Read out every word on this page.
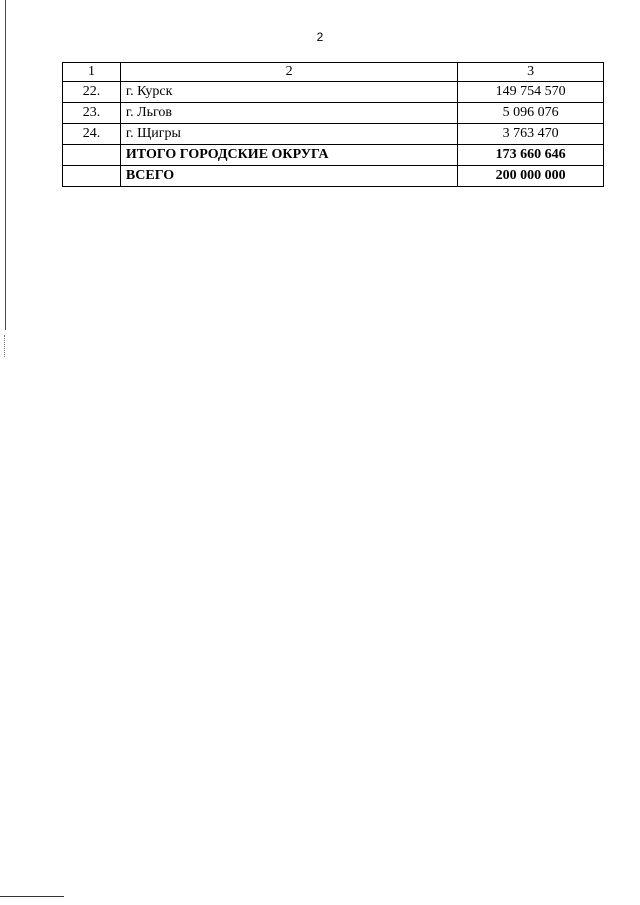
2
1	2	3
22.	г. Курск	149 754 570
23.	г. Льгов	5 096 076
24.	г. Щигры	3 763 470
	ИТОГО ГОРОДСКИЕ ОКРУГА	173 660 646
	ВСЕГО	200 000 000
